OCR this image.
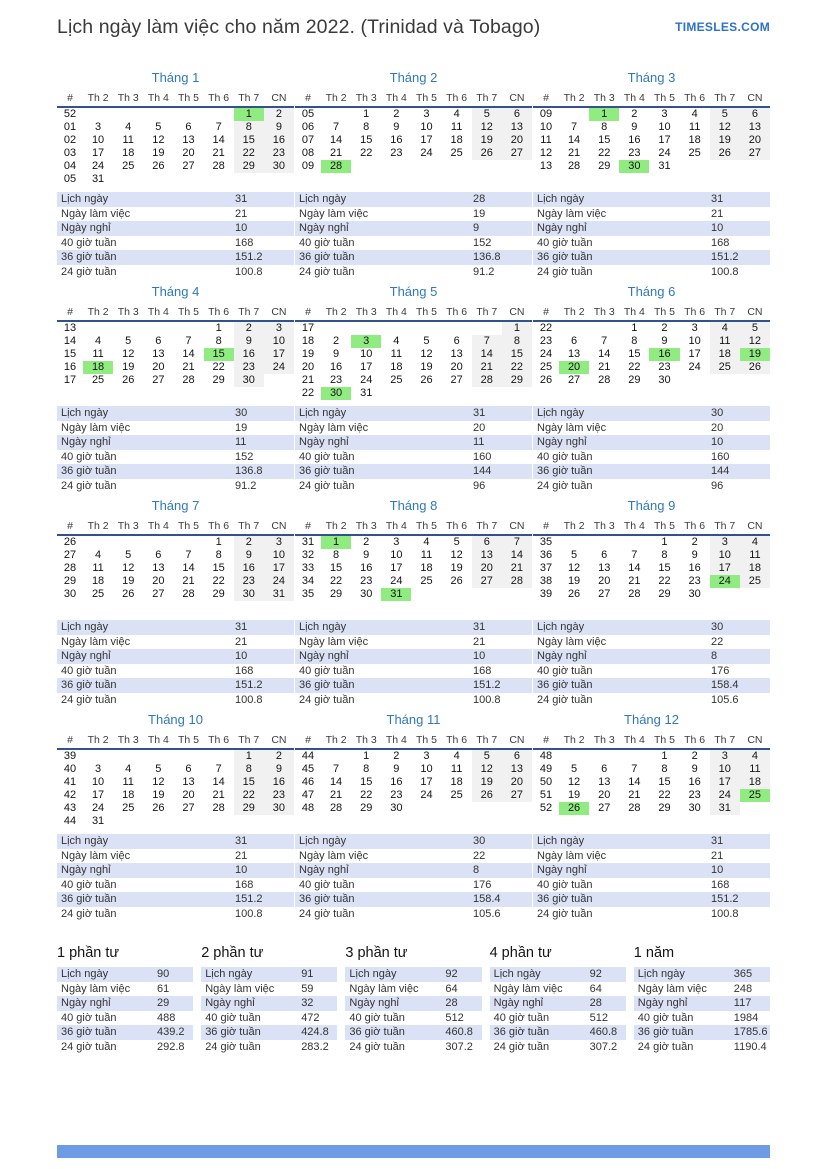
Lịch ngày làm việc cho năm 2022. (Trinidad và Tobago)	TIMESLES.COM
Tháng 1
#	Th 2	Th 3	Th 4	Th 5	Th 6	Th 7	CN
52						1	2
01	3	4	5	6	7	8	9
02	10	11	12	13	14	15	16
03	17	18	19	20	21	22	23
04	24	25	26	27	28	29	30
05	31						
Lịch ngày	31
Ngày làm việc	21
Ngày nghỉ	10
40 giờ tuần	168
36 giờ tuần	151.2
24 giờ tuần	100.8
Tháng 2
#	Th 2	Th 3	Th 4	Th 5	Th 6	Th 7	CN
05		1	2	3	4	5	6
06	7	8	9	10	11	12	13
07	14	15	16	17	18	19	20
08	21	22	23	24	25	26	27
09	28						
Lịch ngày	28
Ngày làm việc	19
Ngày nghỉ	9
40 giờ tuần	152
36 giờ tuần	136.8
24 giờ tuần	91.2
Tháng 3
#	Th 2	Th 3	Th 4	Th 5	Th 6	Th 7	CN
09		1	2	3	4	5	6
10	7	8	9	10	11	12	13
11	14	15	16	17	18	19	20
12	21	22	23	24	25	26	27
13	28	29	30	31			
Lịch ngày	31
Ngày làm việc	21
Ngày nghỉ	10
40 giờ tuần	168
36 giờ tuần	151.2
24 giờ tuần	100.8
Tháng 4
#	Th 2	Th 3	Th 4	Th 5	Th 6	Th 7	CN
13					1	2	3
14	4	5	6	7	8	9	10
15	11	12	13	14	15	16	17
16	18	19	20	21	22	23	24
17	25	26	27	28	29	30	
Lịch ngày	30
Ngày làm việc	19
Ngày nghỉ	11
40 giờ tuần	152
36 giờ tuần	136.8
24 giờ tuần	91.2
Tháng 5
#	Th 2	Th 3	Th 4	Th 5	Th 6	Th 7	CN
17							1
18	2	3	4	5	6	7	8
19	9	10	11	12	13	14	15
20	16	17	18	19	20	21	22
21	23	24	25	26	27	28	29
22	30	31					
Lịch ngày	31
Ngày làm việc	20
Ngày nghỉ	11
40 giờ tuần	160
36 giờ tuần	144
24 giờ tuần	96
Tháng 6
#	Th 2	Th 3	Th 4	Th 5	Th 6	Th 7	CN
22			1	2	3	4	5
23	6	7	8	9	10	11	12
24	13	14	15	16	17	18	19
25	20	21	22	23	24	25	26
26	27	28	29	30			
Lịch ngày	30
Ngày làm việc	20
Ngày nghỉ	10
40 giờ tuần	160
36 giờ tuần	144
24 giờ tuần	96
Tháng 7
#	Th 2	Th 3	Th 4	Th 5	Th 6	Th 7	CN
26					1	2	3
27	4	5	6	7	8	9	10
28	11	12	13	14	15	16	17
29	18	19	20	21	22	23	24
30	25	26	27	28	29	30	31
Lịch ngày	31
Ngày làm việc	21
Ngày nghỉ	10
40 giờ tuần	168
36 giờ tuần	151.2
24 giờ tuần	100.8
Tháng 8
#	Th 2	Th 3	Th 4	Th 5	Th 6	Th 7	CN
31	1	2	3	4	5	6	7
32	8	9	10	11	12	13	14
33	15	16	17	18	19	20	21
34	22	23	24	25	26	27	28
35	29	30	31				
Lịch ngày	31
Ngày làm việc	21
Ngày nghỉ	10
40 giờ tuần	168
36 giờ tuần	151.2
24 giờ tuần	100.8
Tháng 9
#	Th 2	Th 3	Th 4	Th 5	Th 6	Th 7	CN
35				1	2	3	4
36	5	6	7	8	9	10	11
37	12	13	14	15	16	17	18
38	19	20	21	22	23	24	25
39	26	27	28	29	30		
Lịch ngày	30
Ngày làm việc	22
Ngày nghỉ	8
40 giờ tuần	176
36 giờ tuần	158.4
24 giờ tuần	105.6
Tháng 10
#	Th 2	Th 3	Th 4	Th 5	Th 6	Th 7	CN
39						1	2
40	3	4	5	6	7	8	9
41	10	11	12	13	14	15	16
42	17	18	19	20	21	22	23
43	24	25	26	27	28	29	30
44	31						
Lịch ngày	31
Ngày làm việc	21
Ngày nghỉ	10
40 giờ tuần	168
36 giờ tuần	151.2
24 giờ tuần	100.8
Tháng 11
#	Th 2	Th 3	Th 4	Th 5	Th 6	Th 7	CN
44		1	2	3	4	5	6
45	7	8	9	10	11	12	13
46	14	15	16	17	18	19	20
47	21	22	23	24	25	26	27
48	28	29	30				
Lịch ngày	30
Ngày làm việc	22
Ngày nghỉ	8
40 giờ tuần	176
36 giờ tuần	158.4
24 giờ tuần	105.6
Tháng 12
#	Th 2	Th 3	Th 4	Th 5	Th 6	Th 7	CN
48				1	2	3	4
49	5	6	7	8	9	10	11
50	12	13	14	15	16	17	18
51	19	20	21	22	23	24	25
52	26	27	28	29	30	31	
Lịch ngày	31
Ngày làm việc	21
Ngày nghỉ	10
40 giờ tuần	168
36 giờ tuần	151.2
24 giờ tuần	100.8
1 phần tư
Lịch ngày	90
Ngày làm việc	61
Ngày nghỉ	29
40 giờ tuần	488
36 giờ tuần	439.2
24 giờ tuần	292.8
2 phần tư
Lịch ngày	91
Ngày làm việc	59
Ngày nghỉ	32
40 giờ tuần	472
36 giờ tuần	424.8
24 giờ tuần	283.2
3 phần tư
Lịch ngày	92
Ngày làm việc	64
Ngày nghỉ	28
40 giờ tuần	512
36 giờ tuần	460.8
24 giờ tuần	307.2
4 phần tư
Lịch ngày	92
Ngày làm việc	64
Ngày nghỉ	28
40 giờ tuần	512
36 giờ tuần	460.8
24 giờ tuần	307.2
1 năm
Lịch ngày	365
Ngày làm việc	248
Ngày nghỉ	117
40 giờ tuần	1984
36 giờ tuần	1785.6
24 giờ tuần	1190.4
